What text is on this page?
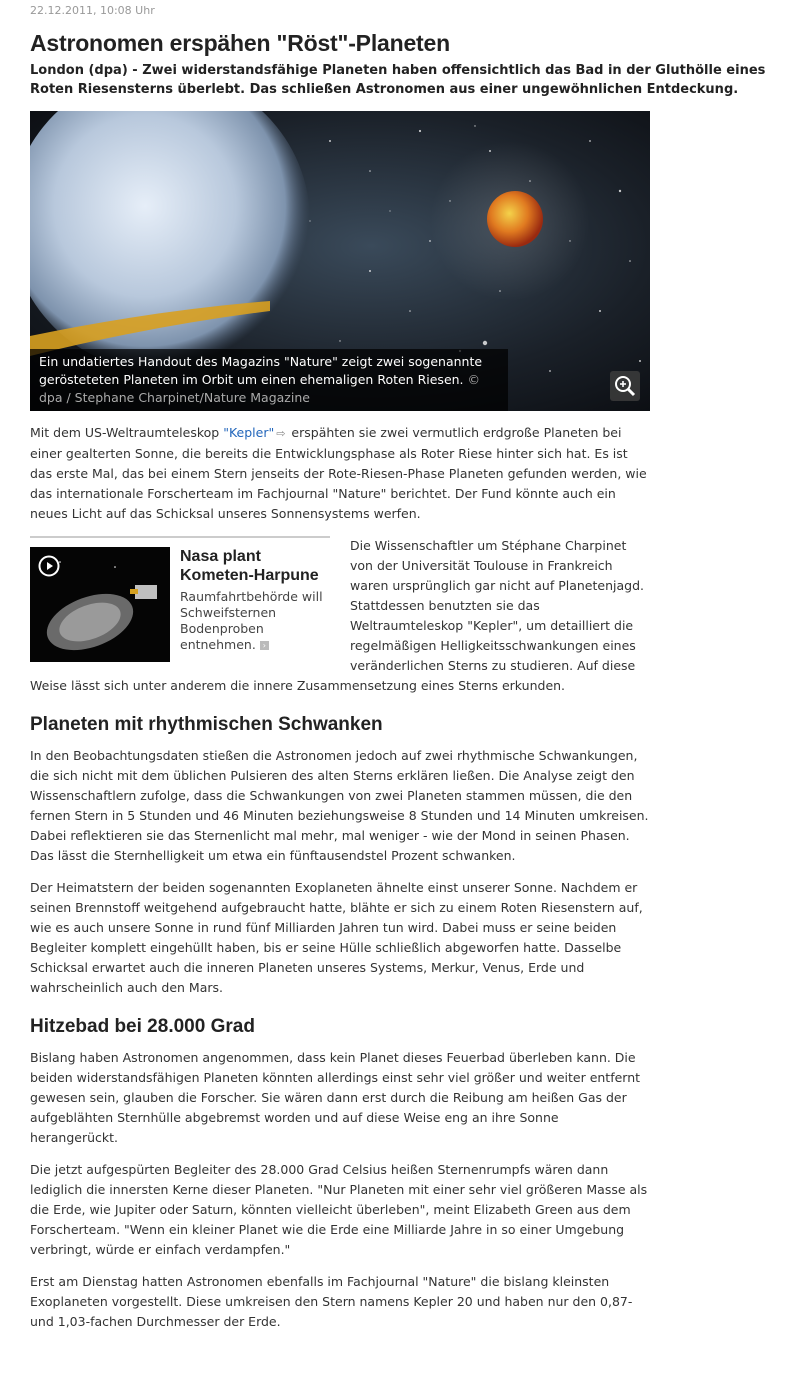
22.12.2011, 10:08 Uhr
Astronomen erspähen "Röst"-Planeten
London (dpa) - Zwei widerstandsfähige Planeten haben offensichtlich das Bad in der Gluthölle eines Roten Riesensterns überlebt. Das schließen Astronomen aus einer ungewöhnlichen Entdeckung.
Ein undatiertes Handout des Magazins "Nature" zeigt zwei sogenannte gerösteteten Planeten im Orbit um einen ehemaligen Roten Riesen. © dpa / Stephane Charpinet/Nature Magazine

Mit dem US-Weltraumteleskop "Kepler" ⇨ erspähten sie zwei vermutlich erdgroße Planeten bei einer gealterten Sonne, die bereits die Entwicklungsphase als Roter Riese hinter sich hat. Es ist das erste Mal, das bei einem Stern jenseits der Rote-Riesen-Phase Planeten gefunden werden, wie das internationale Forscherteam im Fachjournal "Nature" berichtet. Der Fund könnte auch ein neues Licht auf das Schicksal unseres Sonnensystems werfen.

Nasa plant Kometen-Harpune
Raumfahrtbehörde will Schweifsternen Bodenproben entnehmen. ›

Die Wissenschaftler um Stéphane Charpinet von der Universität Toulouse in Frankreich waren ursprünglich gar nicht auf Planetenjagd. Stattdessen benutzten sie das Weltraumteleskop "Kepler", um detailliert die regelmäßigen Helligkeitsschwankungen eines veränderlichen Sterns zu studieren. Auf diese Weise lässt sich unter anderem die innere Zusammensetzung eines Sterns erkunden.

Planeten mit rhythmischen Schwanken

In den Beobachtungsdaten stießen die Astronomen jedoch auf zwei rhythmische Schwankungen, die sich nicht mit dem üblichen Pulsieren des alten Sterns erklären ließen. Die Analyse zeigt den Wissenschaftlern zufolge, dass die Schwankungen von zwei Planeten stammen müssen, die den fernen Stern in 5 Stunden und 46 Minuten beziehungsweise 8 Stunden und 14 Minuten umkreisen. Dabei reflektieren sie das Sternenlicht mal mehr, mal weniger - wie der Mond in seinen Phasen. Das lässt die Sternhelligkeit um etwa ein fünftausendstel Prozent schwanken.

Der Heimatstern der beiden sogenannten Exoplaneten ähnelte einst unserer Sonne. Nachdem er seinen Brennstoff weitgehend aufgebraucht hatte, blähte er sich zu einem Roten Riesenstern auf, wie es auch unsere Sonne in rund fünf Milliarden Jahren tun wird. Dabei muss er seine beiden Begleiter komplett eingehüllt haben, bis er seine Hülle schließlich abgeworfen hatte. Dasselbe Schicksal erwartet auch die inneren Planeten unseres Systems, Merkur, Venus, Erde und wahrscheinlich auch den Mars.

Hitzebad bei 28.000 Grad

Bislang haben Astronomen angenommen, dass kein Planet dieses Feuerbad überleben kann. Die beiden widerstandsfähigen Planeten könnten allerdings einst sehr viel größer und weiter entfernt gewesen sein, glauben die Forscher. Sie wären dann erst durch die Reibung am heißen Gas der aufgeblähten Sternhülle abgebremst worden und auf diese Weise eng an ihre Sonne herangerückt.

Die jetzt aufgespürten Begleiter des 28.000 Grad Celsius heißen Sternenrumpfs wären dann lediglich die innersten Kerne dieser Planeten. "Nur Planeten mit einer sehr viel größeren Masse als die Erde, wie Jupiter oder Saturn, könnten vielleicht überleben", meint Elizabeth Green aus dem Forscherteam. "Wenn ein kleiner Planet wie die Erde eine Milliarde Jahre in so einer Umgebung verbringt, würde er einfach verdampfen."

Erst am Dienstag hatten Astronomen ebenfalls im Fachjournal "Nature" die bislang kleinsten Exoplaneten vorgestellt. Diese umkreisen den Stern namens Kepler 20 und haben nur den 0,87- und 1,03-fachen Durchmesser der Erde.
